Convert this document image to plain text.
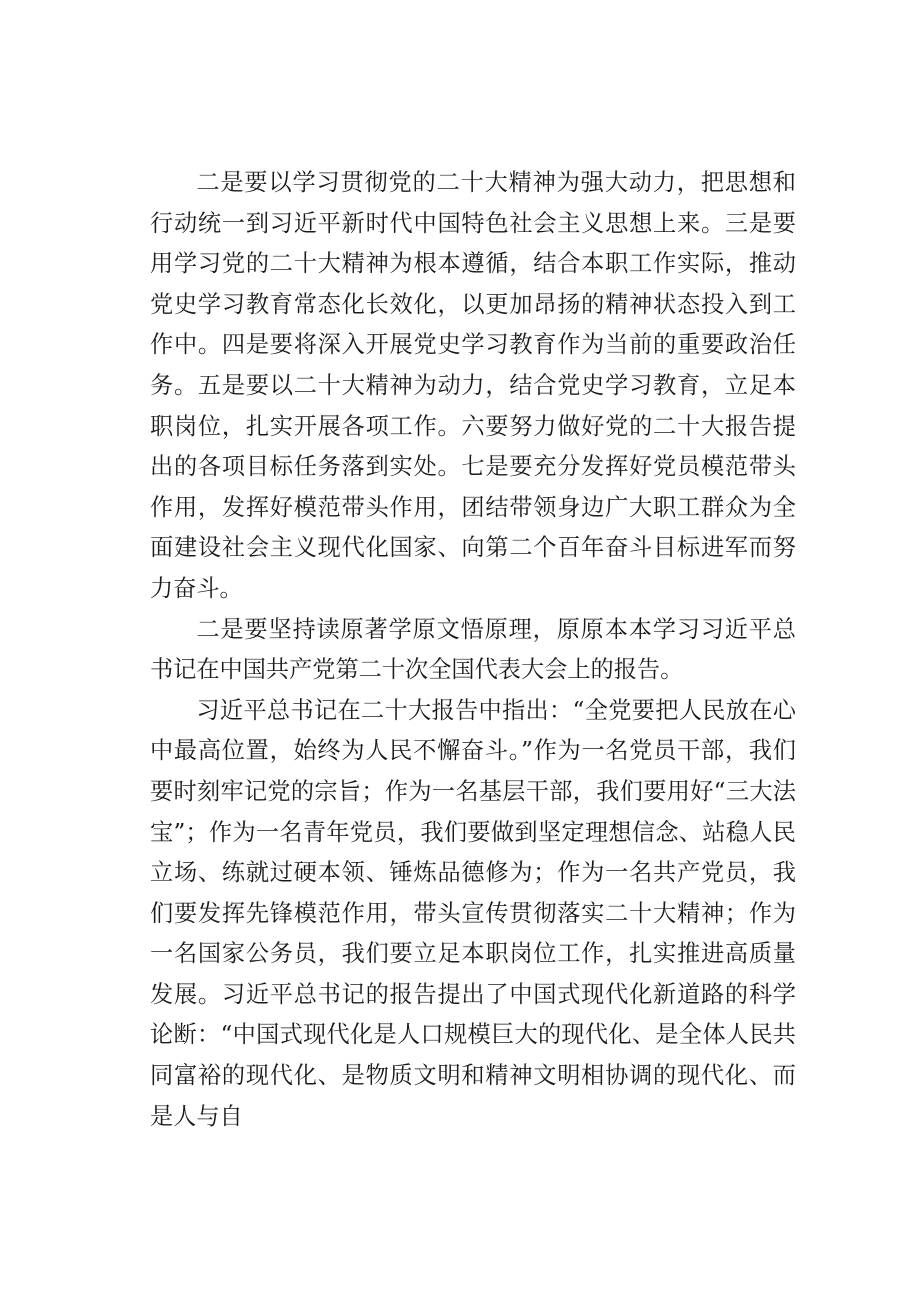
二是要以学习贯彻党的二十大精神为强大动力，把思想和行动统一到习近平新时代中国特色社会主义思想上来。三是要用学习党的二十大精神为根本遵循，结合本职工作实际，推动党史学习教育常态化长效化，以更加昂扬的精神状态投入到工作中。四是要将深入开展党史学习教育作为当前的重要政治任务。五是要以二十大精神为动力，结合党史学习教育，立足本职岗位，扎实开展各项工作。六要努力做好党的二十大报告提出的各项目标任务落到实处。七是要充分发挥好党员模范带头作用，发挥好模范带头作用，团结带领身边广大职工群众为全面建设社会主义现代化国家、向第二个百年奋斗目标进军而努力奋斗。

二是要坚持读原著学原文悟原理，原原本本学习习近平总书记在中国共产党第二十次全国代表大会上的报告。

习近平总书记在二十大报告中指出：“全党要把人民放在心中最高位置，始终为人民不懈奋斗。”作为一名党员干部，我们要时刻牢记党的宗旨；作为一名基层干部，我们要用好“三大法宝”；作为一名青年党员，我们要做到坚定理想信念、站稳人民立场、练就过硬本领、锤炼品德修为；作为一名共产党员，我们要发挥先锋模范作用，带头宣传贯彻落实二十大精神；作为一名国家公务员，我们要立足本职岗位工作，扎实推进高质量发展。习近平总书记的报告提出了中国式现代化新道路的科学论断：“中国式现代化是人口规模巨大的现代化、是全体人民共同富裕的现代化、是物质文明和精神文明相协调的现代化、而是人与自
